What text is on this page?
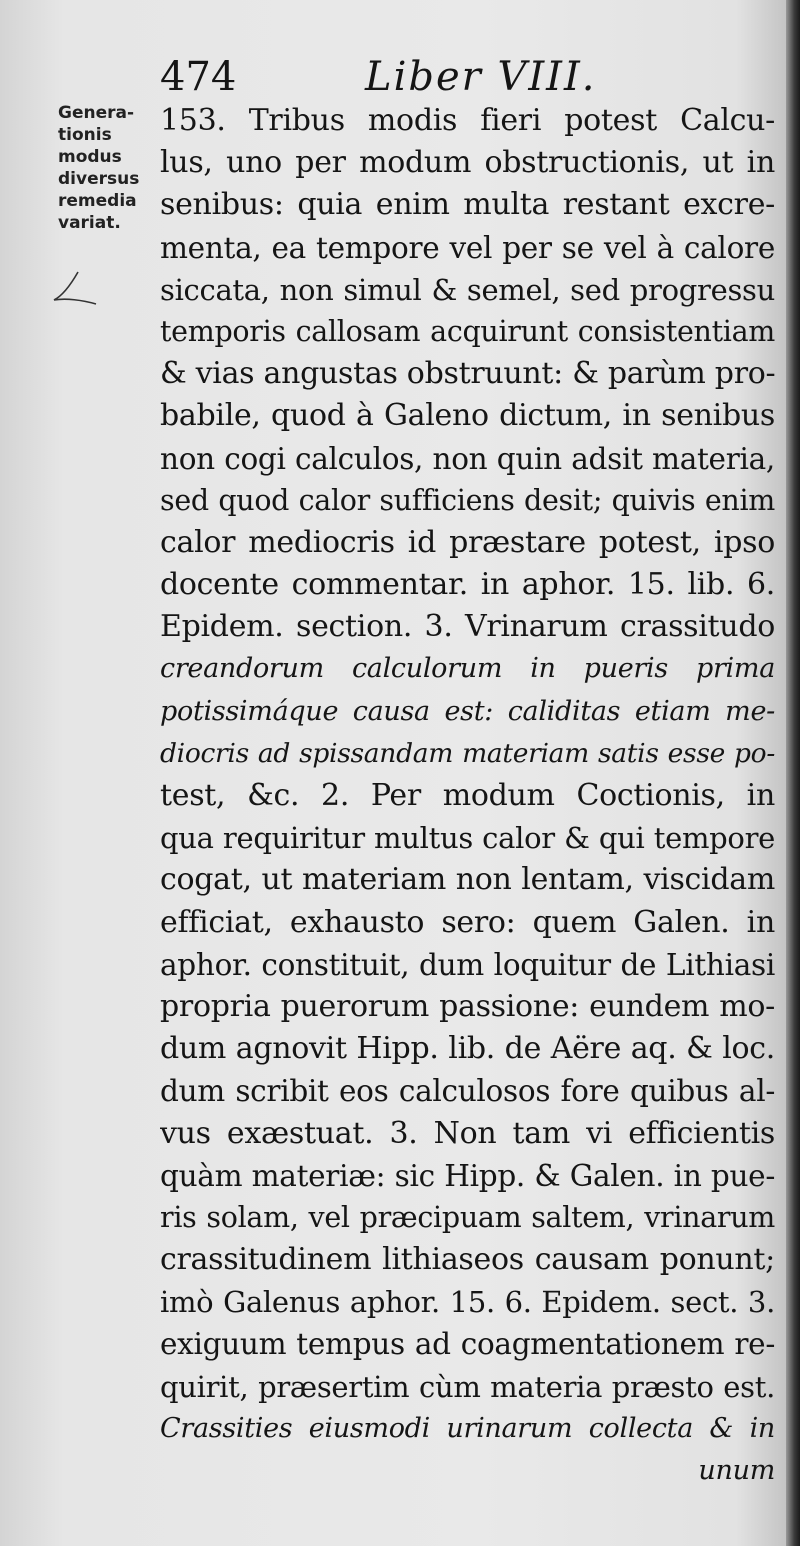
474	Liber VIII.
Genera-
tionis
modus
diversus
remedia
variat.
153. Tribus modis fieri potest Calcu-
lus, uno per modum obstructionis, ut in
senibus: quia enim multa restant excre-
menta, ea tempore vel per se vel à calore
siccata, non simul & semel, sed progressu
temporis callosam acquirunt consistentiam
& vias angustas obstruunt: & parùm pro-
babile, quod à Galeno dictum, in senibus
non cogi calculos, non quin adsit materia,
sed quod calor sufficiens desit; quivis enim
calor mediocris id præstare potest, ipso
docente commentar. in aphor. 15. lib. 6.
Epidem. section. 3. Vrinarum crassitudo
creandorum calculorum in pueris prima
potissimáque causa est: caliditas etiam me-
diocris ad spissandam materiam satis esse po-
test, &c. 2. Per modum Coctionis, in
qua requiritur multus calor & qui tempore
cogat, ut materiam non lentam, viscidam
efficiat, exhausto sero: quem Galen. in
aphor. constituit, dum loquitur de Lithiasi
propria puerorum passione: eundem mo-
dum agnovit Hipp. lib. de Aëre aq. & loc.
dum scribit eos calculosos fore quibus al-
vus exæstuat. 3. Non tam vi efficientis
quàm materiæ: sic Hipp. & Galen. in pue-
ris solam, vel præcipuam saltem, vrinarum
crassitudinem lithiaseos causam ponunt;
imò Galenus aphor. 15. 6. Epidem. sect. 3.
exiguum tempus ad coagmentationem re-
quirit, præsertim cùm materia præsto est.
Crassities eiusmodi urinarum collecta & in
unum
